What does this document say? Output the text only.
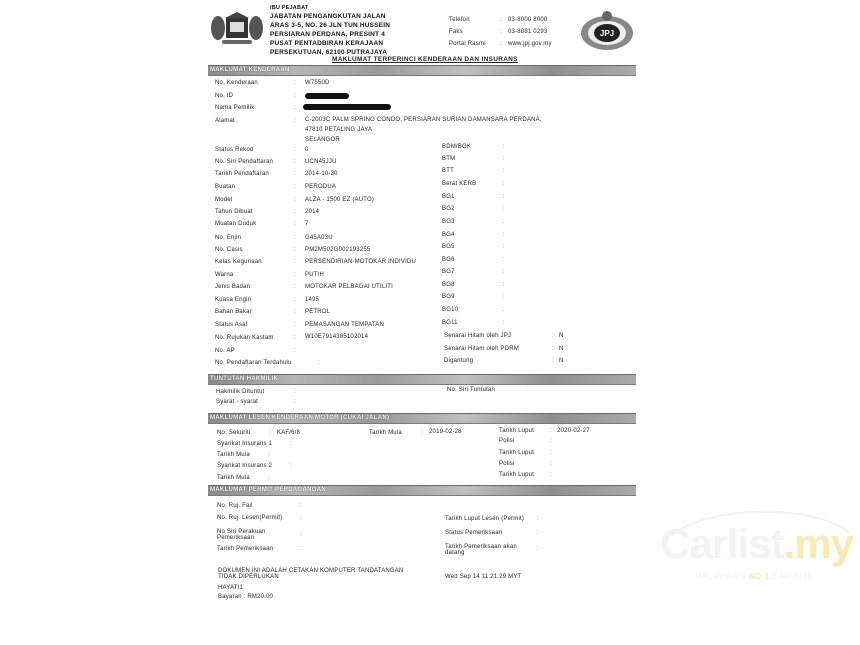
IBU PEJABAT
JABATAN PENGANGKUTAN JALAN
ARAS 3-5, NO. 26 JLN TUN HUSSEIN
PERSIARAN PERDANA, PRESINT 4
PUSAT PENTADBIRAN KERAJAAN
PERSEKUTUAN, 62100 PUTRAJAYA
Telefon	: 03-8000 8000
Faks	: 03-8881 0293
Portal Rasmi : www.jpj.gov.my
JPJ
MAKLUMAT TERPERINCI KENDERAAN DAN INSURANS
MAKLUMAT KENDERAAN
No. Kenderaan	: W7550D
No. ID	:
Nama Pemilik	:
Alamat	: C-2003C PALM SPRING CONDO, PERSIARAN SURIAN DAMANSARA PERDANA,
47810 PETALING JAYA
SELANGOR
Status Rekod	: 0
No. Siri Pendaftaran	: UCN45JJU
Tarikh Pendaftaran	: 2014-10-30
Buatan	: PERODUA
Model	: ALZA - 1500 EZ (AUTO)
Tahun Dibuat	: 2014
Muatan Duduk	: 7
No. Enjin	: G45A03U
No. Casis	: PM2M502G002193255
Kelas Kegunaan	: PERSENDIRIAN-MOTOKAR INDIVIDU
Warna	: PUTIH
Jenis Badan	: MOTOKAR PELBAGAI UTILITI
Kuasa Engin	: 1495
Bahan Bakar	: PETROL
Status Asal	: PEMASANGAN TEMPATAN
No. Rujukan Kastam	: W10E7914385102014
No. AP	:
No. Pendaftaran Terdahulu	:
BDM/BGK	:
BTM	:
BTT	:
Berat KERB	:
BG1	:
BG2	:
BG3	:
BG4	:
BG5	:
BG6	:
BG7	:
BG8	:
BG9	:
BG10	:
BG11	:
Senarai Hitam oleh JPJ	: N
Senarai Hitam oleh PDRM	: N
Digantung	: N
TUNTUTAN HAKMILIK
Hakmilik Dituntut	:
Syarat - syarat	:
No. Siri Tuntutan	:
MAKLUMAT LESEN KENDERAAN MOTOR (CUKAI JALAN)
No. Sekuriti	: KAF/6/8	Tarikh Mula	: 2019-02-28	Tarikh Luput	: 2020-02-27
Syarikat Insurans 1	:
Tarikh Mula	:
Syarikat Insurans 2	:
Tarikh Mula	:
Polisi	:
Tarikh Luput	:
Polisi	:
Tarikh Luput	:
MAKLUMAT PERMIT PERDAGANGAN
No. Ruj. Fail	:
No. Ruj. Lesen(Permit)	:
No Siri Perakuan Pemeriksaan	:
Tarikh Pemeriksaan	:
Tarikh Luput Lesen (Permit) :
Status Pemeriksaan	:
Tarikh Pemeriksaan akan datang
:
DOKUMEN INI ADALAH CETAKAN KOMPUTER TANDATANGAN
TIDAK DIPERLUKAN	Wed Sep 14 11:21:29 MYT
HAYATI1
Bayaran : RM20.00
Carlist.my
MALAYSIA'S NO.1 CAR SITE
